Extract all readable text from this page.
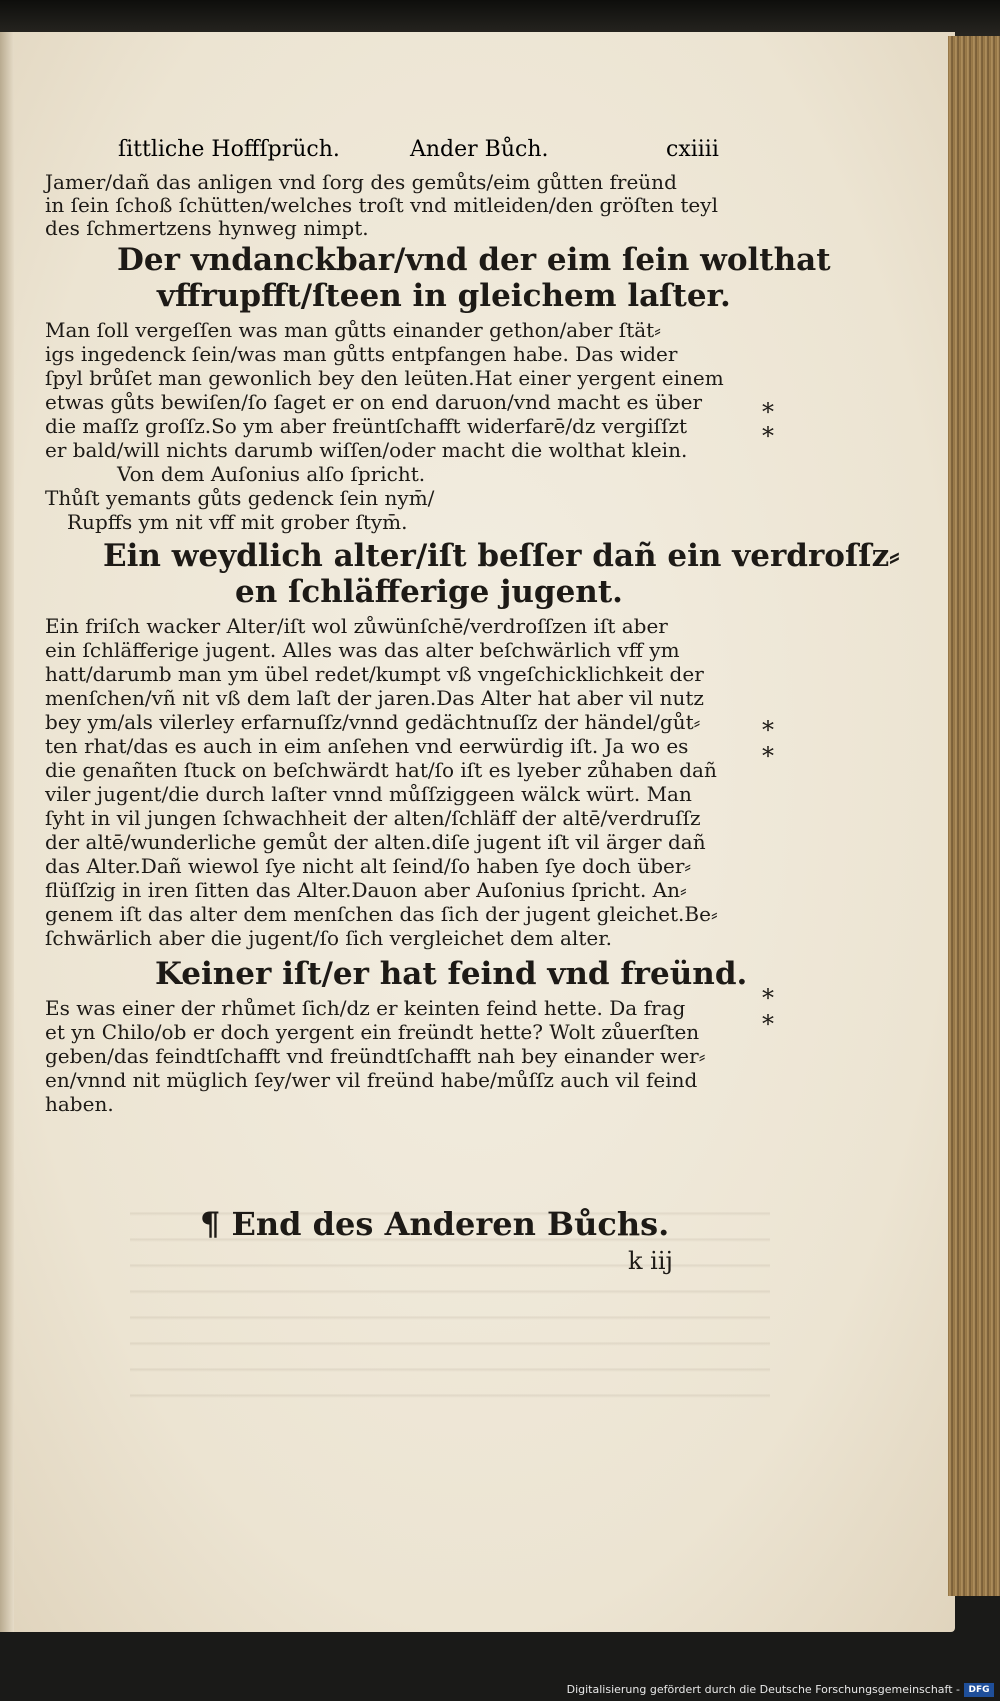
ſittliche Hoffſprüch.	Ander Bůch.	cxiiii
Jamer/dañ das anligen vnd ſorg des gemůts/eim gůtten freünd
in ſein ſchoß ſchütten/welches troſt vnd mitleiden/den gröſten teyl
des ſchmertzens hynweg nimpt.
Der vndanckbar/vnd der eim ſein wolthat
vffrupfft/ſteen in gleichem laſter.
Man ſoll vergeſſen was man gůtts einander gethon/aber ſtät⸗
igs ingedenck ſein/was man gůtts entpfangen habe. Das wider
ſpyl brůſet man gewonlich bey den leüten.Hat einer yergent einem
etwas gůts bewiſen/ſo ſaget er on end daruon/vnd macht es über
die maſſz groſſz.So ym aber freüntſchafft widerfarē/dz vergiſſzt
er bald/will nichts darumb wiſſen/oder macht die wolthat klein.
Von dem Auſonius alſo ſpricht.
Thůſt yemants gůts gedenck ſein nym̄/
Rupffs ym nit vff mit grober ſtym̄.
Ein weydlich alter/iſt beſſer dañ ein verdroſſz⸗
en ſchläfferige jugent.
Ein friſch wacker Alter/iſt wol zůwünſchē/verdroſſzen iſt aber
ein ſchläfferige jugent. Alles was das alter beſchwärlich vff ym
hatt/darumb man ym übel redet/kumpt vß vngeſchicklichkeit der
menſchen/vñ nit vß dem laſt der jaren.Das Alter hat aber vil nutz
bey ym/als vilerley erfarnuſſz/vnnd gedächtnuſſz der händel/gůt⸗
ten rhat/das es auch in eim anſehen vnd eerwürdig iſt. Ja wo es
die genañten ſtuck on beſchwärdt hat/ſo iſt es lyeber zůhaben dañ
viler jugent/die durch laſter vnnd můſſziggeen wälck würt. Man
ſyht in vil jungen ſchwachheit der alten/ſchläff der altē/verdruſſz
der altē/wunderliche gemůt der alten.diſe jugent iſt vil ärger dañ
das Alter.Dañ wiewol ſye nicht alt ſeind/ſo haben ſye doch über⸗
flüſſzig in iren ſitten das Alter.Dauon aber Auſonius ſpricht. An⸗
genem iſt das alter dem menſchen das ſich der jugent gleichet.Be⸗
ſchwärlich aber die jugent/ſo ſich vergleichet dem alter.
Keiner iſt/er hat feind vnd freünd.
Es was einer der rhůmet ſich/dz er keinten feind hette. Da frag
et yn Chilo/ob er doch yergent ein freündt hette? Wolt zůuerſten
geben/das feindtſchafft vnd freündtſchafft nah bey einander wer⸗
en/vnnd nit müglich ſey/wer vil freünd habe/můſſz auch vil feind
haben.
*
*
*
*
*
*
¶ End des Anderen Bůchs.
k iij
Digitalisierung gefördert durch die Deutsche Forschungsgemeinschaft - DFG
